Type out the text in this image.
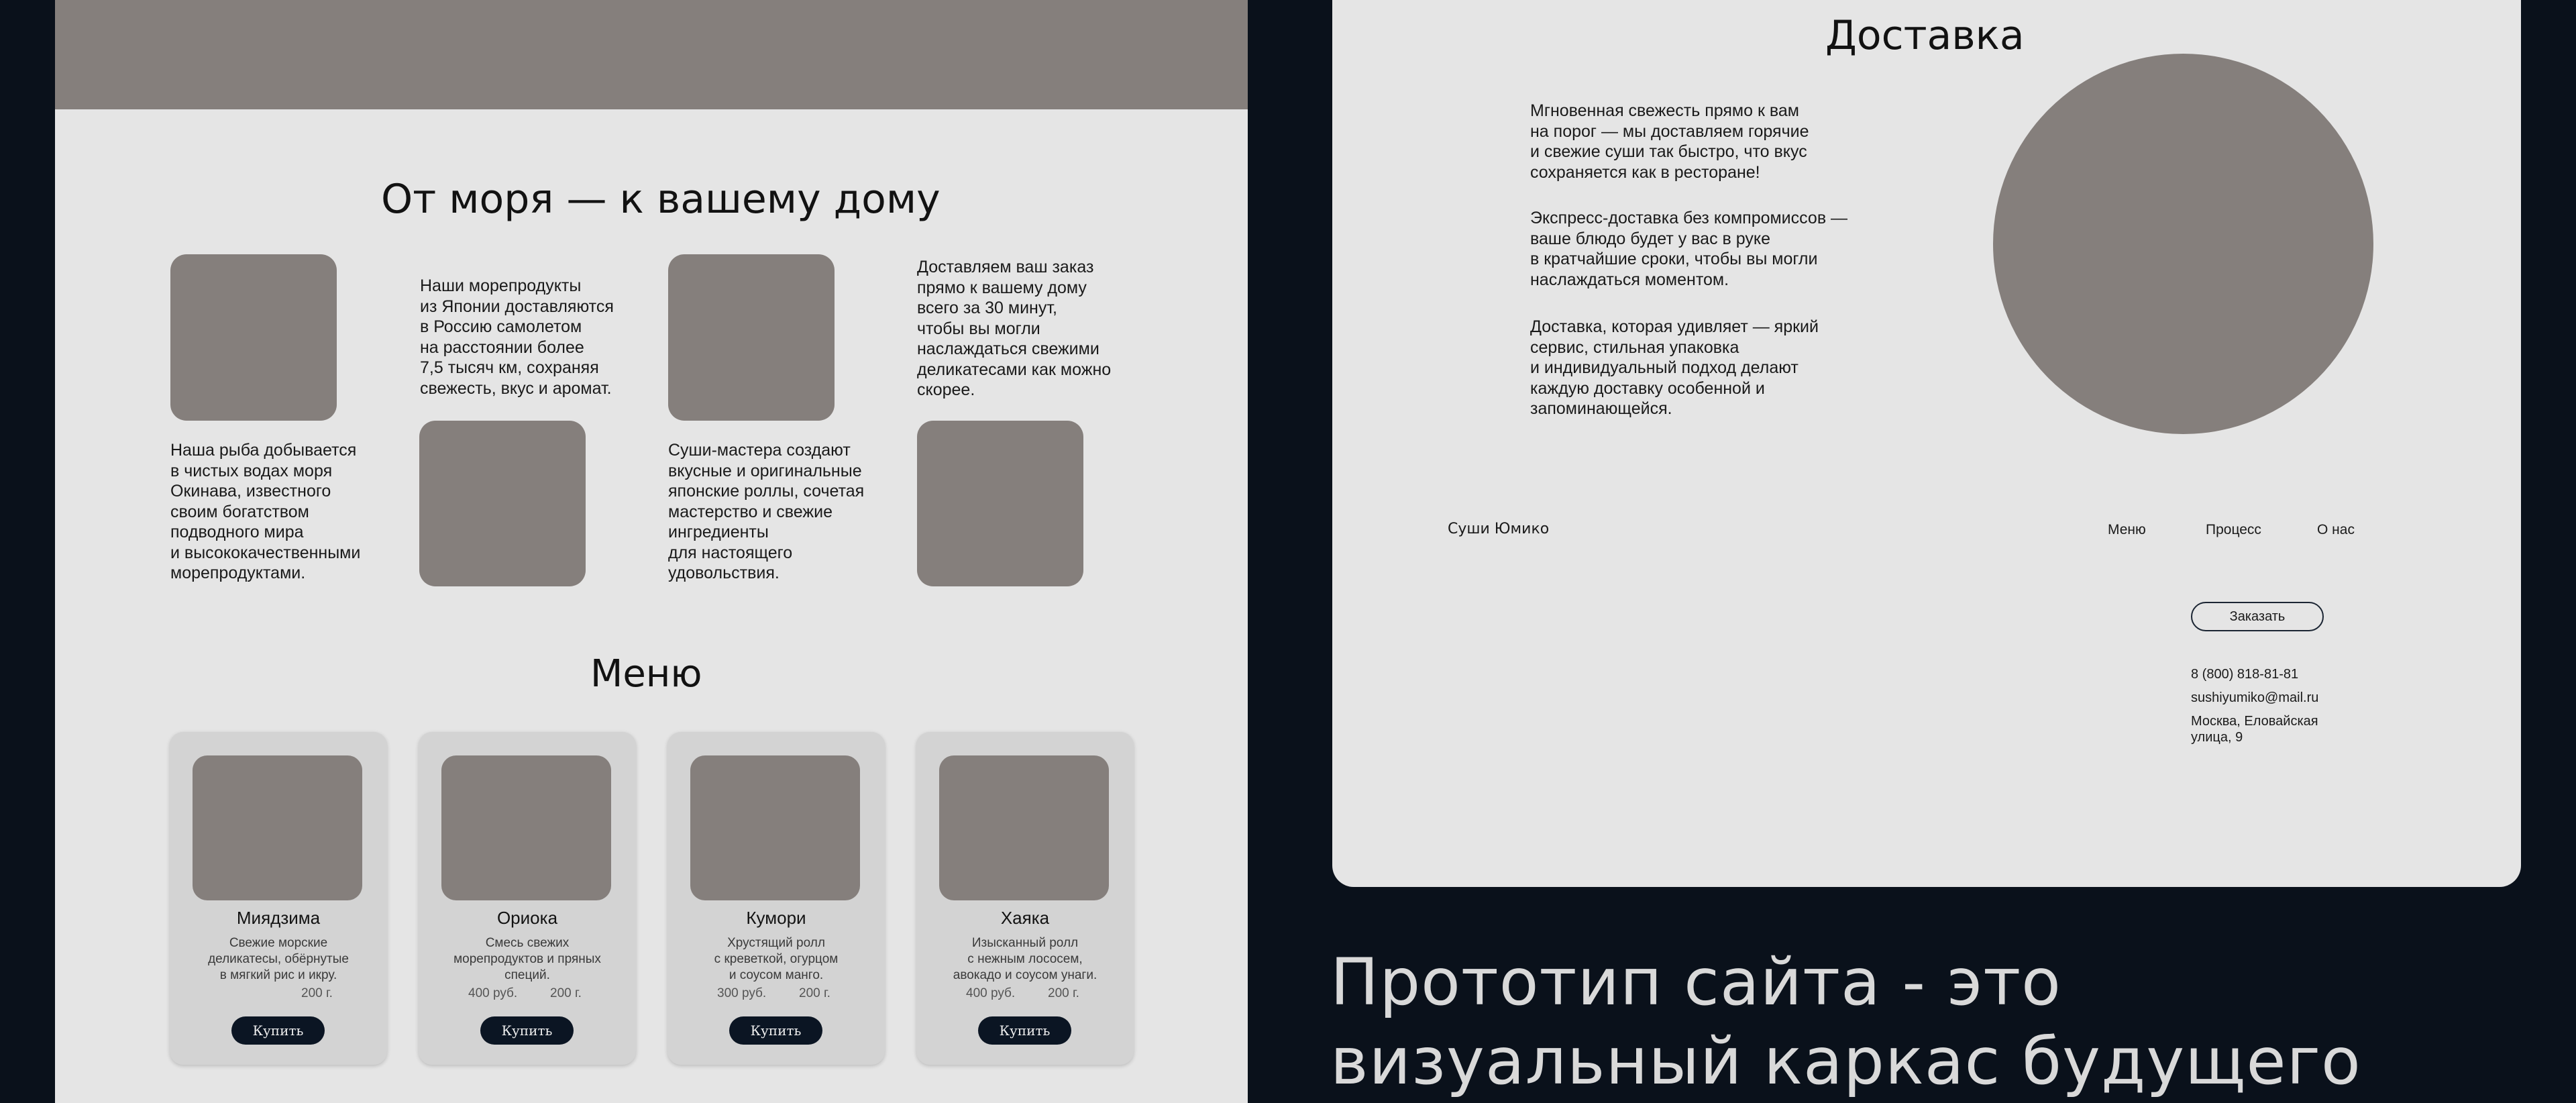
От моря — к вашему дому
Наши морепродукты
из Японии доставляются
в Россию самолетом
на расстоянии более
7,5 тысяч км, сохраняя
свежесть, вкус и аромат.
Доставляем ваш заказ
прямо к вашему дому
всего за 30 минут,
чтобы вы могли
наслаждаться свежими
деликатесами как можно
скорее.
Наша рыба добывается
в чистых водах моря
Окинава, известного
своим богатством
подводного мира
и высококачественными
морепродуктами.
Суши-мастера создают
вкусные и оригинальные
японские роллы, сочетая
мастерство и свежие
ингредиенты
для настоящего
удовольствия.
Меню
Миядзима
Свежие морские
деликатесы, обёрнутые
в мягкий рис и икру.
200 г.
Купить
Ориока
Смесь свежих
морепродуктов и пряных
специй.
400 руб.	200 г.
Купить
Кумори
Хрустящий ролл
с креветкой, огурцом
и соусом манго.
300 руб.	200 г.
Купить
Хаяка
Изысканный ролл
с нежным лососем,
авокадо и соусом унаги.
400 руб.	200 г.
Купить
Доставка
Мгновенная свежесть прямо к вам
на порог — мы доставляем горячие
и свежие суши так быстро, что вкус
сохраняется как в ресторане!
Экспресс-доставка без компромиссов —
ваше блюдо будет у вас в руке
в кратчайшие сроки, чтобы вы могли
наслаждаться моментом.
Доставка, которая удивляет — яркий
сервис, стильная упаковка
и индивидуальный подход делают
каждую доставку особенной и
запоминающейся.
Суши Юмико	Меню	Процесс	О нас
Заказать
8 (800) 818-81-81
sushiyumiko@mail.ru
Москва, Еловайская
улица, 9
Прототип сайта - это
визуальный каркас будущего
